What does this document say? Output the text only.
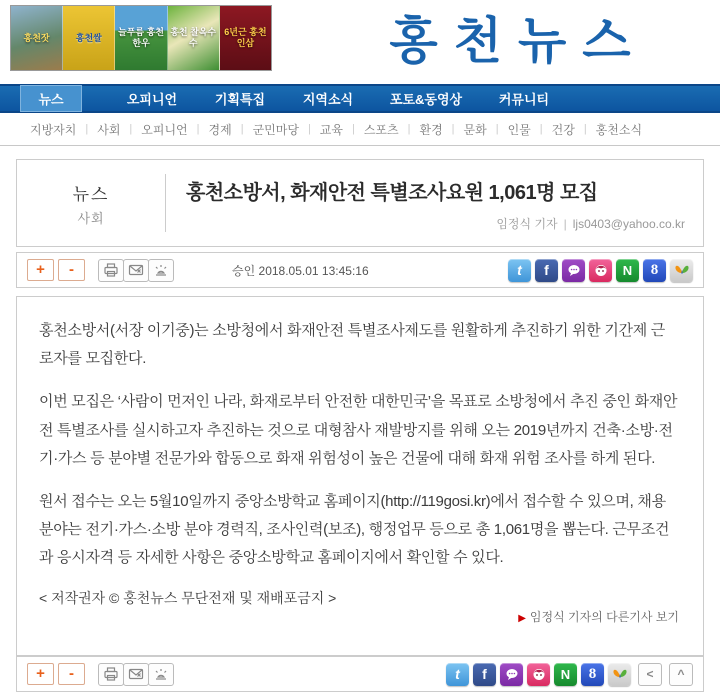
홍천잣	홍천쌀
늘푸름 홍천한우
홍천 찰옥수수
6년근 홍천인삼	홍천뉴스
뉴스	오피니언	기획특집	지역소식	포토&동영상	커뮤니티
지방자치 | 사회 | 오피니언 | 경제 | 군민마당 | 교육 | 스포츠 | 환경 | 문화 | 인물 | 건강 | 홍천소식
뉴스
사회
홍천소방서, 화재안전 특별조사요원 1,061명 모집
임정식 기자 | ljs0403@yahoo.co.kr
+	-	승인 2018.05.01 13:45:16	t	f	N	8

홍천소방서(서장 이기중)는 소방청에서 화재안전 특별조사제도를 원활하게 추진하기 위한 기간제 근로자를 모집한다.

이번 모집은 ‘사람이 먼저인 나라, 화재로부터 안전한 대한민국’을 목표로 소방청에서 추진 중인 화재안전 특별조사를 실시하고자 추진하는 것으로 대형참사 재발방지를 위해 오는 2019년까지 건축·소방·전기·가스 등 분야별 전문가와 합동으로 화재 위험성이 높은 건물에 대해 화재 위험 조사를 하게 된다.

원서 접수는 오는 5월10일까지 중앙소방학교 홈페이지(http://119gosi.kr)에서 접수할 수 있으며, 채용 분야는 전기·가스·소방 분야 경력직, 조사인력(보조), 행정업무 등으로 총 1,061명을 뽑는다. 근무조건과 응시자격 등 자세한 사항은 중앙소방학교 홈페이지에서 확인할 수 있다.

< 저작권자 © 홍천뉴스 무단전재 및 재배포금지 >
▶ 임정식 기자의 다른기사 보기
+	-	t	f	N	8	<	^
